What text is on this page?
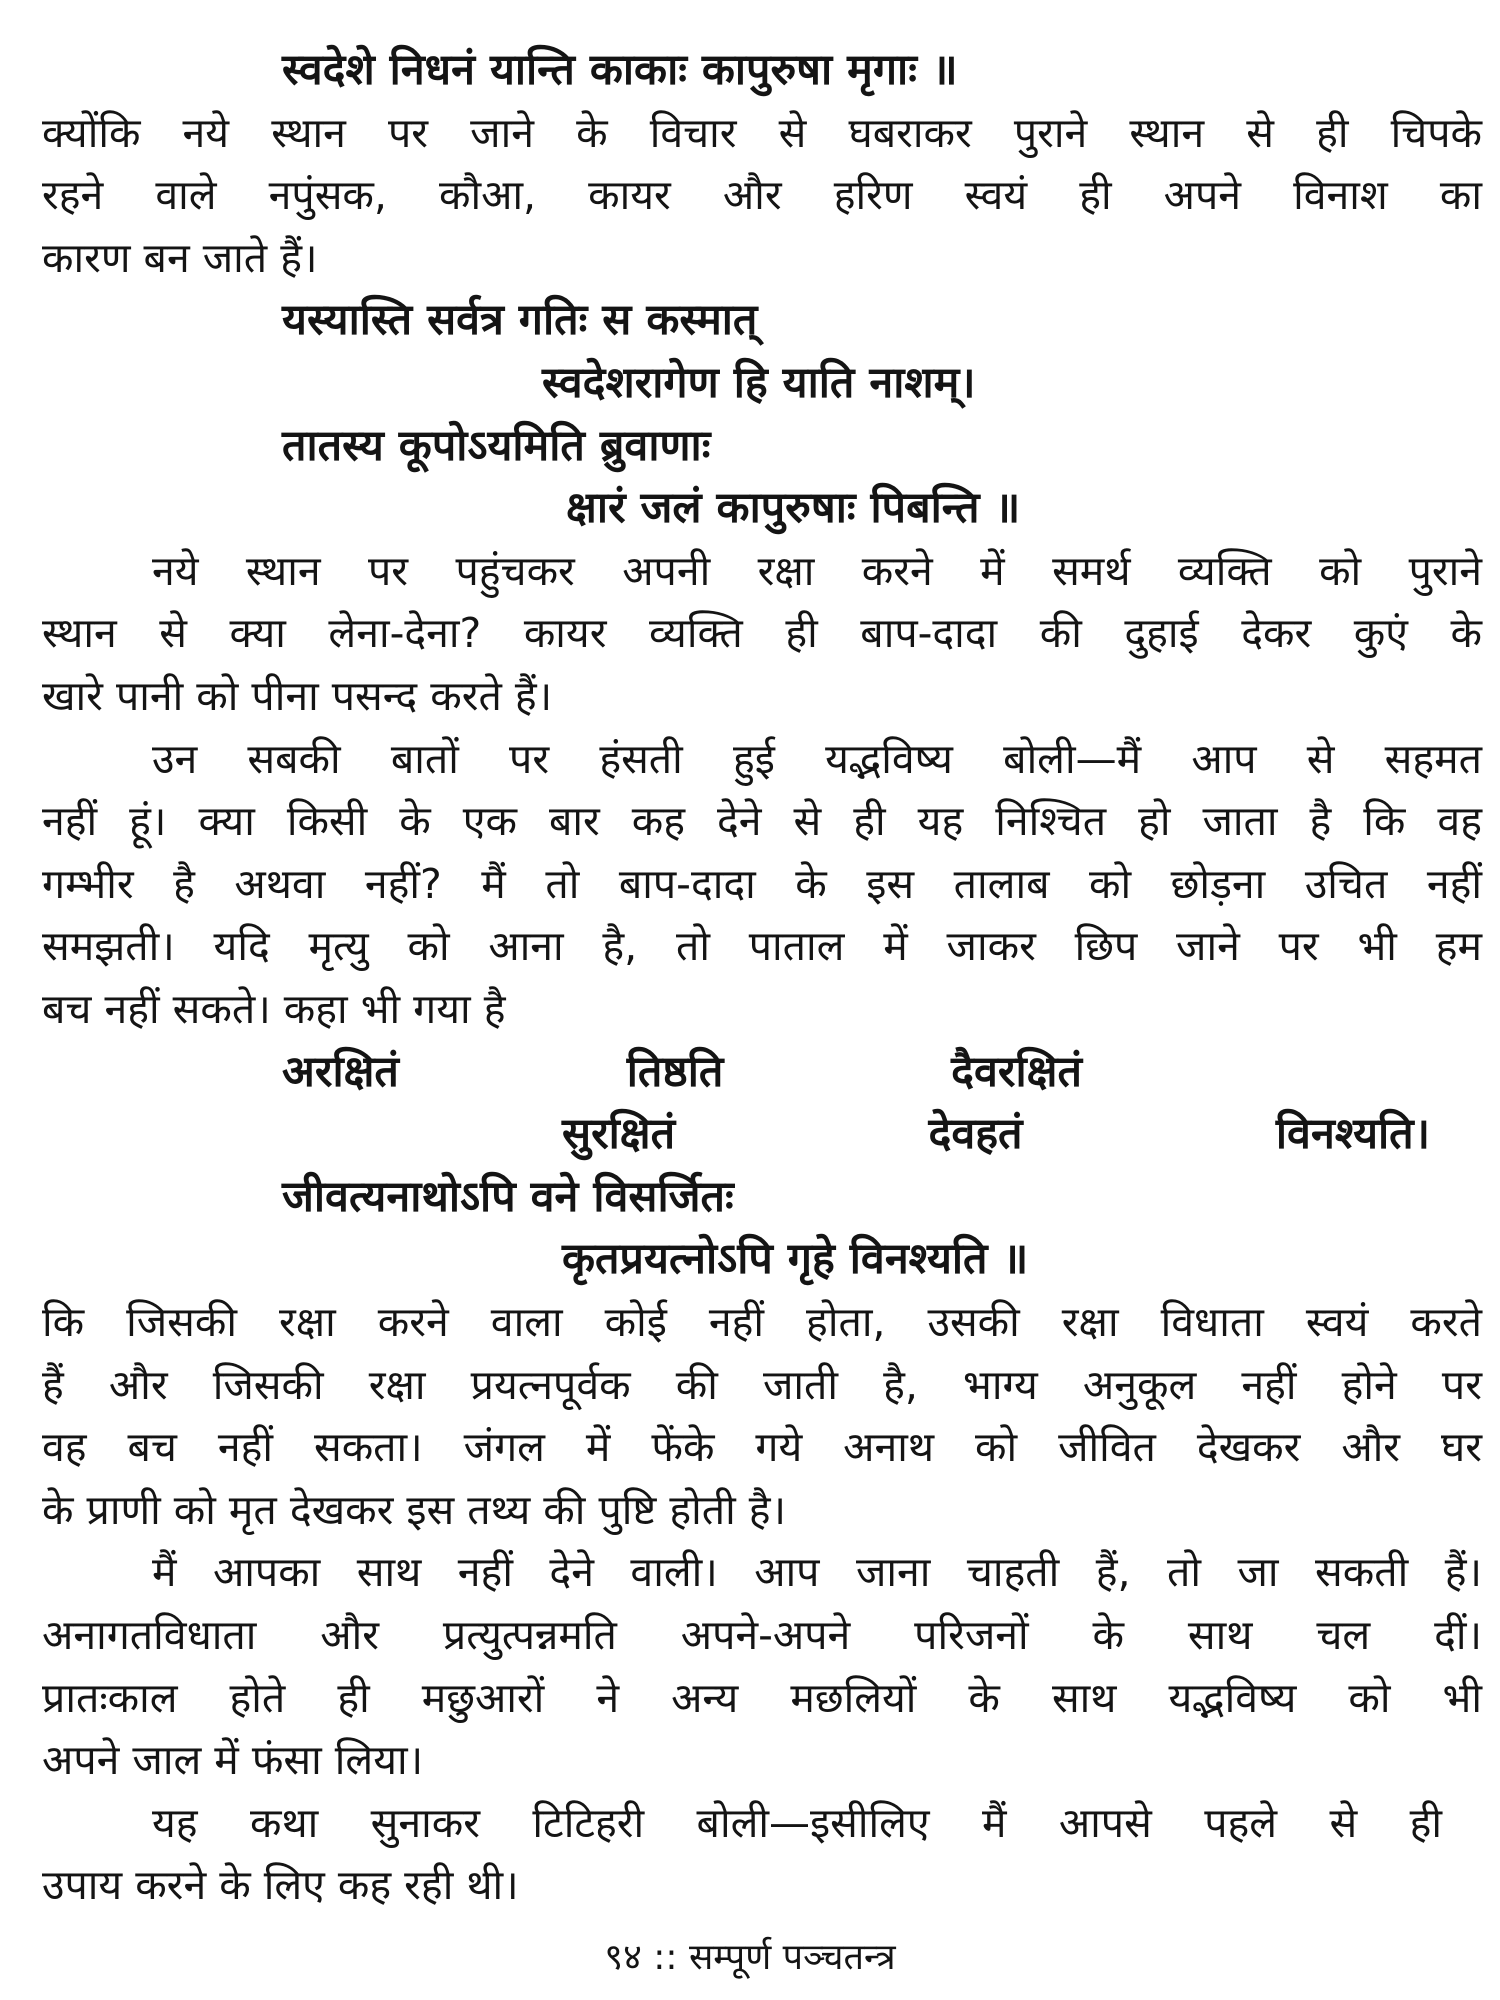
स्वदेशे निधनं यान्ति काकाः कापुरुषा मृगाः ॥
क्योंकि नये स्थान पर जाने के विचार से घबराकर पुराने स्थान से ही चिपके
रहने वाले नपुंसक, कौआ, कायर और हरिण स्वयं ही अपने विनाश का
कारण बन जाते हैं।
यस्यास्ति सर्वत्र गतिः स कस्मात्
स्वदेशरागेण हि याति नाशम्।
तातस्य कूपोऽयमिति ब्रुवाणाः
क्षारं जलं कापुरुषाः पिबन्ति ॥
नये स्थान पर पहुंचकर अपनी रक्षा करने में समर्थ व्यक्ति को पुराने
स्थान से क्या लेना-देना? कायर व्यक्ति ही बाप-दादा की दुहाई देकर कुएं के
खारे पानी को पीना पसन्द करते हैं।
उन सबकी बातों पर हंसती हुई यद्भविष्य बोली—मैं आप से सहमत
नहीं हूं। क्या किसी के एक बार कह देने से ही यह निश्चित हो जाता है कि वह
गम्भीर है अथवा नहीं? मैं तो बाप-दादा के इस तालाब को छोड़ना उचित नहीं
समझती। यदि मृत्यु को आना है, तो पाताल में जाकर छिप जाने पर भी हम
बच नहीं सकते। कहा भी गया है
अरक्षितं तिष्ठति दैवरक्षितं
सुरक्षितं देवहतं विनश्यति।
जीवत्यनाथोऽपि वने विसर्जितः
कृतप्रयत्नोऽपि गृहे विनश्यति ॥
कि जिसकी रक्षा करने वाला कोई नहीं होता, उसकी रक्षा विधाता स्वयं करते
हैं और जिसकी रक्षा प्रयत्नपूर्वक की जाती है, भाग्य अनुकूल नहीं होने पर
वह बच नहीं सकता। जंगल में फेंके गये अनाथ को जीवित देखकर और घर
के प्राणी को मृत देखकर इस तथ्य की पुष्टि होती है।
मैं आपका साथ नहीं देने वाली। आप जाना चाहती हैं, तो जा सकती हैं।
अनागतविधाता और प्रत्युत्पन्नमति अपने-अपने परिजनों के साथ चल दीं।
प्रातःकाल होते ही मछुआरों ने अन्य मछलियों के साथ यद्भविष्य को भी
अपने जाल में फंसा लिया।
यह कथा सुनाकर टिटिहरी बोली—इसीलिए मैं आपसे पहले से ही
९४ :: सम्पूर्ण पञ्चतन्त्र
उपाय करने के लिए कह रही थी।
